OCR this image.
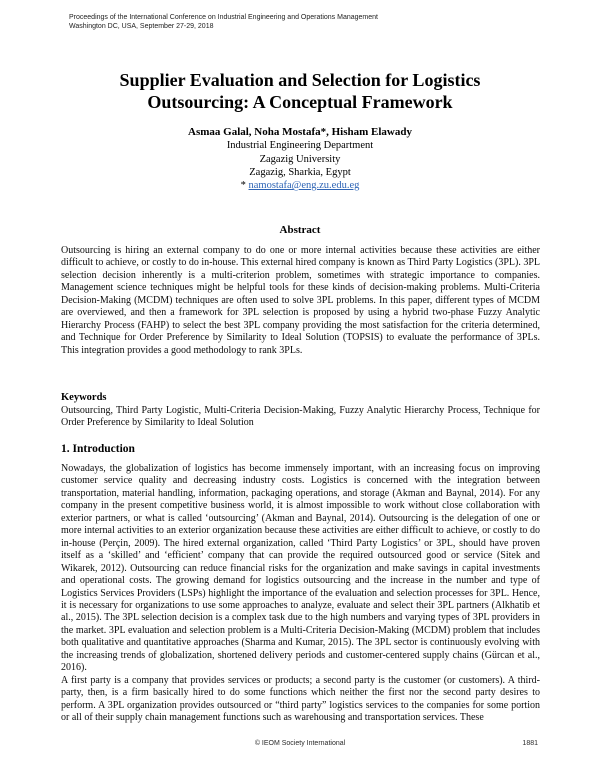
Proceedings of the International Conference on Industrial Engineering and Operations Management
Washington DC, USA, September 27-29, 2018
Supplier Evaluation and Selection for Logistics
Outsourcing: A Conceptual Framework
Asmaa Galal, Noha Mostafa*, Hisham Elawady
Industrial Engineering Department
Zagazig University
Zagazig, Sharkia, Egypt
* namostafa@eng.zu.edu.eg
Abstract
Outsourcing is hiring an external company to do one or more internal activities because these activities are either difficult to achieve, or costly to do in-house. This external hired company is known as Third Party Logistics (3PL). 3PL selection decision inherently is a multi-criterion problem, sometimes with strategic importance to companies. Management science techniques might be helpful tools for these kinds of decision-making problems. Multi-Criteria Decision-Making (MCDM) techniques are often used to solve 3PL problems. In this paper, different types of MCDM are overviewed, and then a framework for 3PL selection is proposed by using a hybrid two-phase Fuzzy Analytic Hierarchy Process (FAHP) to select the best 3PL company providing the most satisfaction for the criteria determined, and Technique for Order Preference by Similarity to Ideal Solution (TOPSIS) to evaluate the performance of 3PLs. This integration provides a good methodology to rank 3PLs.
Keywords
Outsourcing, Third Party Logistic, Multi-Criteria Decision-Making, Fuzzy Analytic Hierarchy Process, Technique for Order Preference by Similarity to Ideal Solution
1. Introduction

Nowadays, the globalization of logistics has become immensely important, with an increasing focus on improving customer service quality and decreasing industry costs. Logistics is concerned with the integration between transportation, material handling, information, packaging operations, and storage (Akman and Baynal, 2014). For any company in the present competitive business world, it is almost impossible to work without close collaboration with exterior partners, or what is called ‘outsourcing’ (Akman and Baynal, 2014). Outsourcing is the delegation of one or more internal activities to an exterior organization because these activities are either difficult to achieve, or costly to do in-house (Perçin, 2009). The hired external organization, called ‘Third Party Logistics’ or 3PL, should have proven itself as a ‘skilled’ and ‘efficient’ company that can provide the required outsourced good or service (Sitek and Wikarek, 2012). Outsourcing can reduce financial risks for the organization and make savings in capital investments and operational costs. The growing demand for logistics outsourcing and the increase in the number and type of Logistics Services Providers (LSPs) highlight the importance of the evaluation and selection processes for 3PL. Hence, it is necessary for organizations to use some approaches to analyze, evaluate and select their 3PL partners (Alkhatib et al., 2015). The 3PL selection decision is a complex task due to the high numbers and varying types of 3PL providers in the market. 3PL evaluation and selection problem is a Multi-Criteria Decision-Making (MCDM) problem that includes both qualitative and quantitative approaches (Sharma and Kumar, 2015). The 3PL sector is continuously evolving with the increasing trends of globalization, shortened delivery periods and customer-centered supply chains (Gürcan et al., 2016).

A first party is a company that provides services or products; a second party is the customer (or customers). A third-party, then, is a firm basically hired to do some functions which neither the first nor the second party desires to perform. A 3PL organization provides outsourced or “third party” logistics services to the companies for some portion or all of their supply chain management functions such as warehousing and transportation services. These

© IEOM Society International	1881
